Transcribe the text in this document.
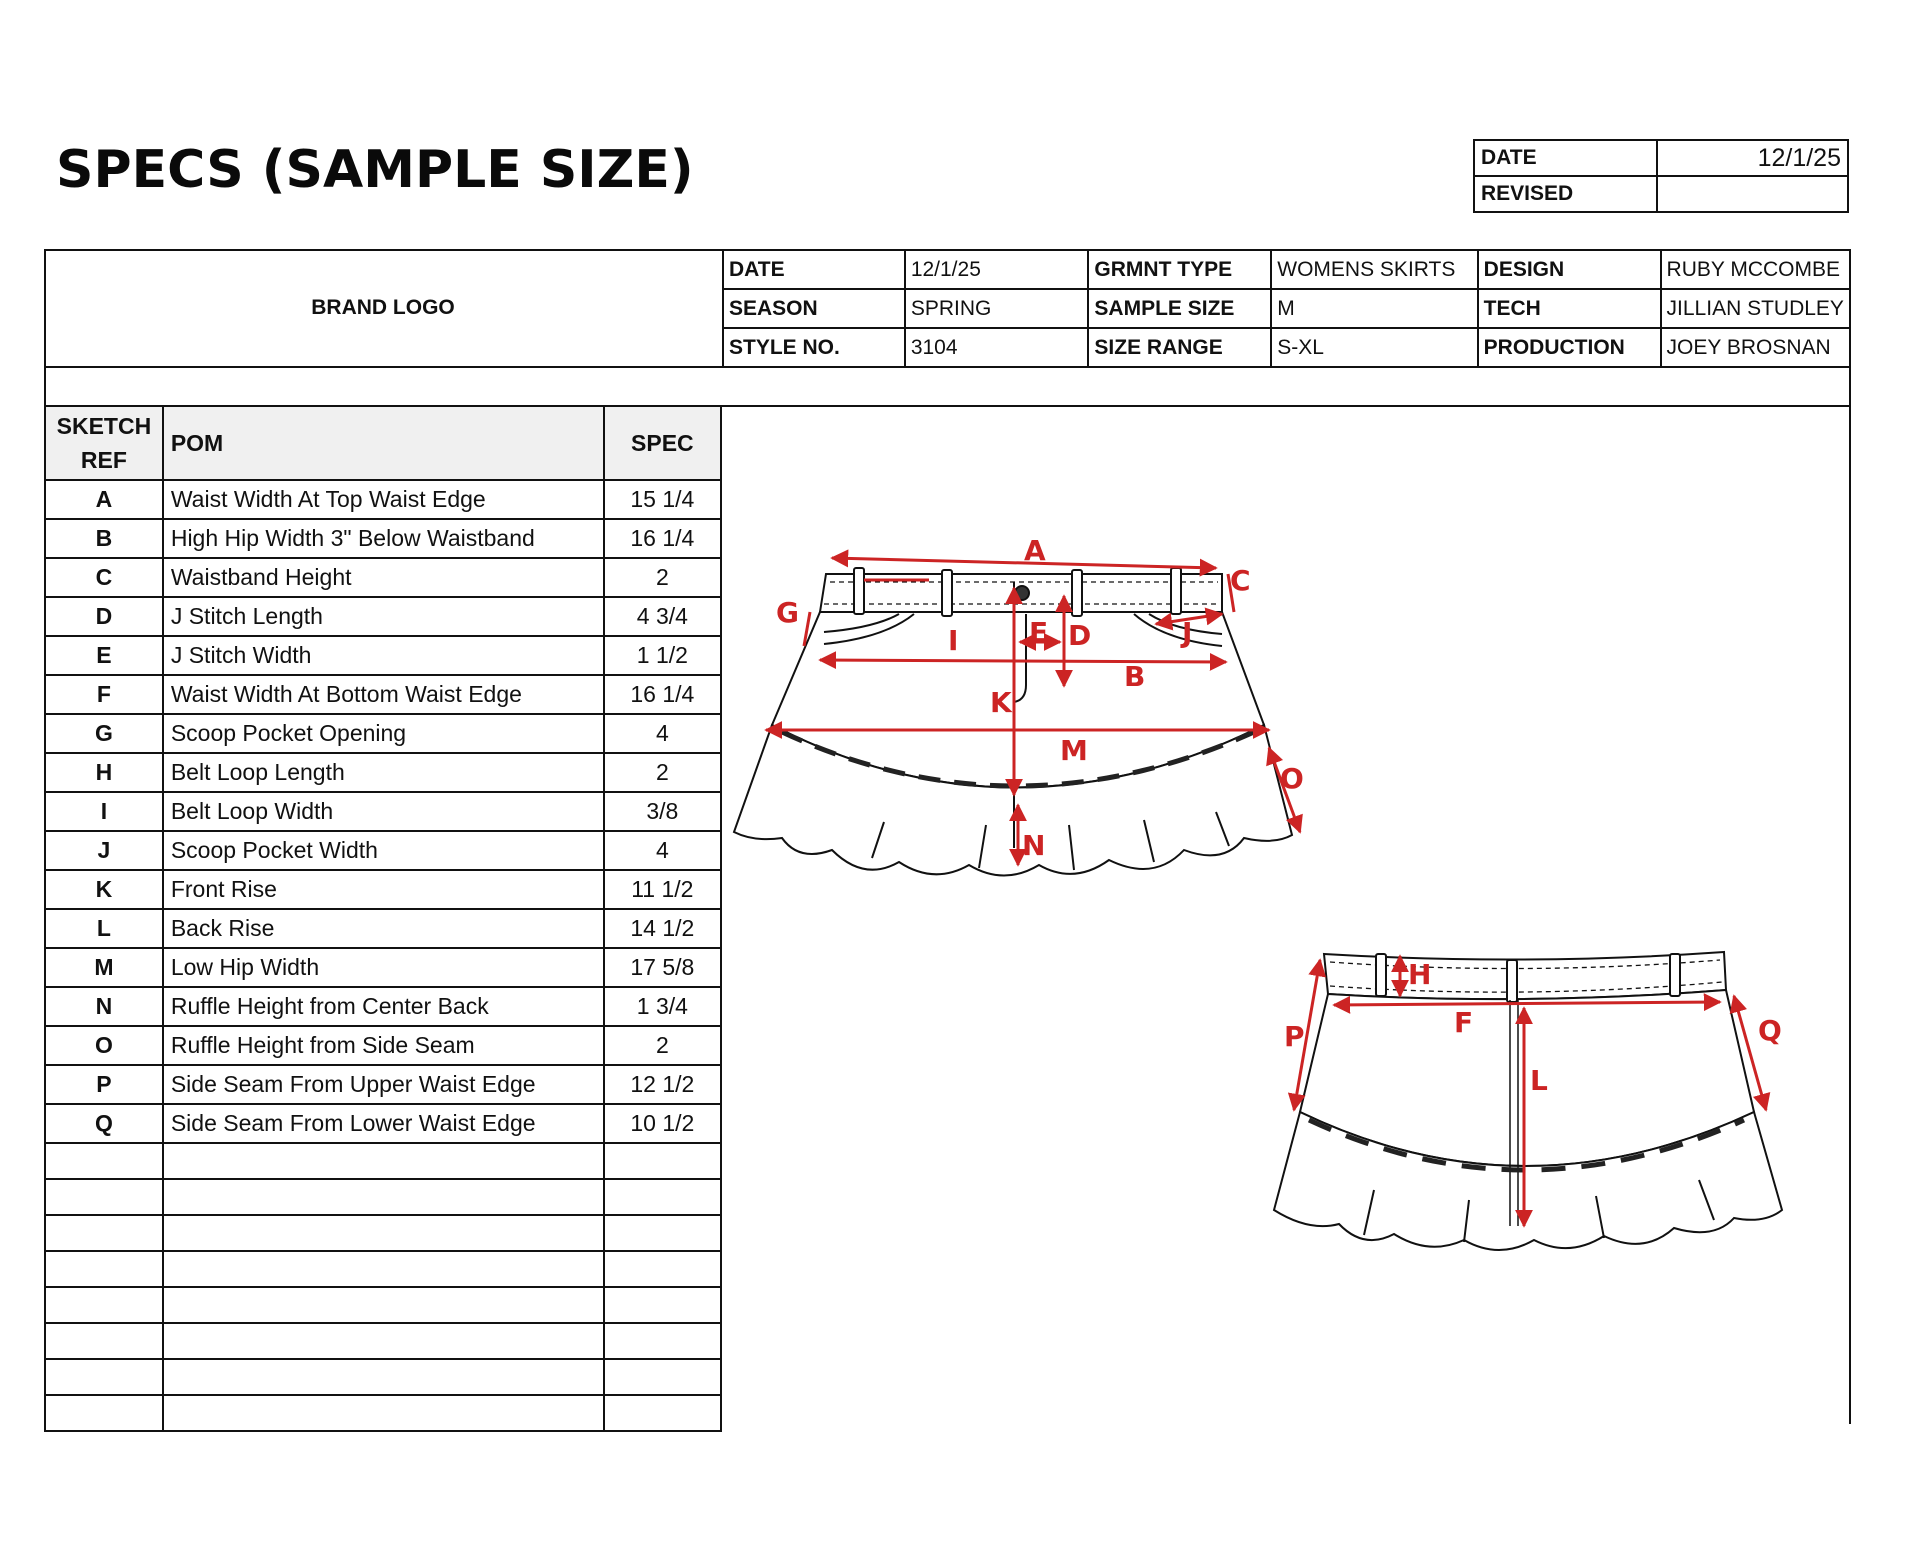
SPECS (SAMPLE SIZE)	DATE	12/1/25
REVISED	
BRAND LOGO
DATE	12/1/25	GRMNT TYPE	WOMENS SKIRTS	DESIGN	RUBY MCCOMBE
SEASON	SPRING	SAMPLE SIZE	M	TECH	JILLIAN STUDLEY
STYLE NO.	3104	SIZE RANGE	S-XL	PRODUCTION	JOEY BROSNAN
SKETCH
REF	POM	SPEC
A	Waist Width At Top Waist Edge	15 1/4
B	High Hip Width 3" Below Waistband	16 1/4
C	Waistband Height	2
D	J Stitch Length	4 3/4
E	J Stitch Width	1 1/2
F	Waist Width At Bottom Waist Edge	16 1/4
G	Scoop Pocket Opening	4
H	Belt Loop Length	2
I	Belt Loop Width	3/8
J	Scoop Pocket Width	4
K	Front Rise	11 1/2
L	Back Rise	14 1/2
M	Low Hip Width	17 5/8
N	Ruffle Height from Center Back	1 3/4
O	Ruffle Height from Side Seam	2
P	Side Seam From Upper Waist Edge	12 1/2
Q	Side Seam From Lower Waist Edge	10 1/2

A
B
C
D
E
G
I	J
K
M
N
O
F
H
L
P	Q
